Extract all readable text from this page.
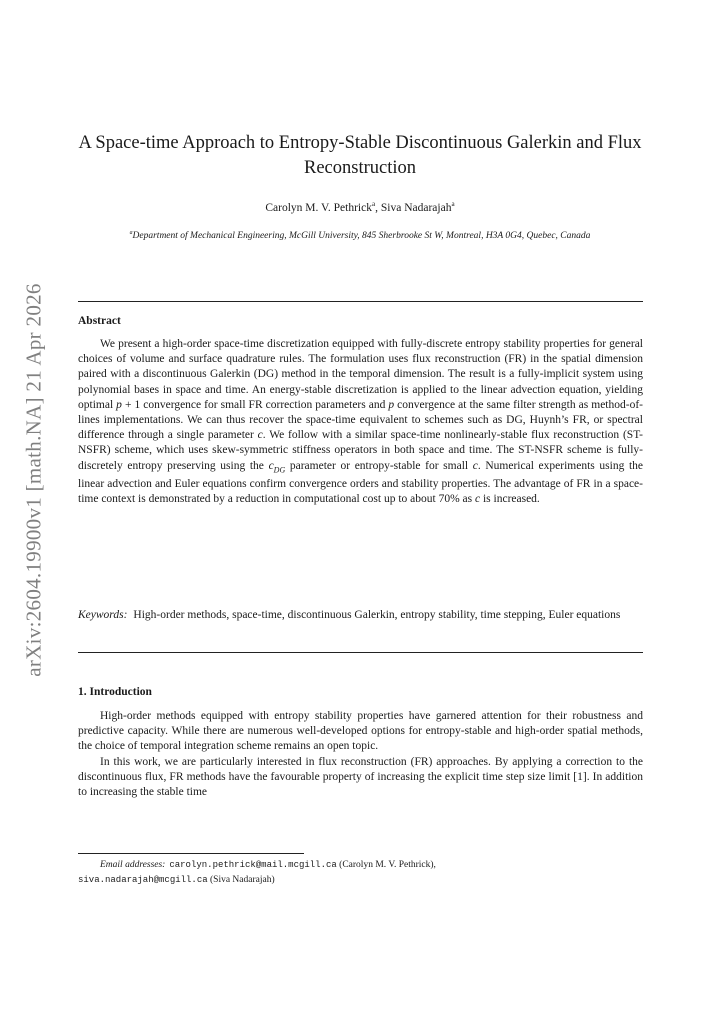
arXiv:2604.19900v1 [math.NA] 21 Apr 2026
A Space-time Approach to Entropy-Stable Discontinuous Galerkin and Flux Reconstruction
Carolyn M. V. Pethrick$^a$, Siva Nadarajah$^a$
$^a$Department of Mechanical Engineering, McGill University, 845 Sherbrooke St W, Montreal, H3A 0G4, Quebec, Canada
Abstract
We present a high-order space-time discretization equipped with fully-discrete entropy stability properties for general choices of volume and surface quadrature rules. The formulation uses flux reconstruction (FR) in the spatial dimension paired with a discontinuous Galerkin (DG) method in the temporal dimension. The result is a fully-implicit system using polynomial bases in space and time. An energy-stable discretization is applied to the linear advection equation, yielding optimal p + 1 convergence for small FR correction parameters and p convergence at the same filter strength as method-of-lines implementations. We can thus recover the space-time equivalent to schemes such as DG, Huynh’s FR, or spectral difference through a single parameter c. We follow with a similar space-time nonlinearly-stable flux reconstruction (ST-NSFR) scheme, which uses skew-symmetric stiffness operators in both space and time. The ST-NSFR scheme is fully-discretely entropy preserving using the $c_{DG}$ parameter or entropy-stable for small c. Numerical experiments using the linear advection and Euler equations confirm convergence orders and stability properties. The advantage of FR in a space-time context is demonstrated by a reduction in computational cost up to about 70% as c is increased.
Keywords: High-order methods, space-time, discontinuous Galerkin, entropy stability, time stepping, Euler equations
1. Introduction

High-order methods equipped with entropy stability properties have garnered attention for their robustness and predictive capacity. While there are numerous well-developed options for entropy-stable and high-order spatial methods, the choice of temporal integration scheme remains an open topic.

In this work, we are particularly interested in flux reconstruction (FR) approaches. By applying a correction to the discontinuous flux, FR methods have the favourable property of increasing the explicit time step size limit [1]. In addition to increasing the stable time

Email addresses: carolyn.pethrick@mail.mcgill.ca (Carolyn M. V. Pethrick),
siva.nadarajah@mcgill.ca (Siva Nadarajah)
